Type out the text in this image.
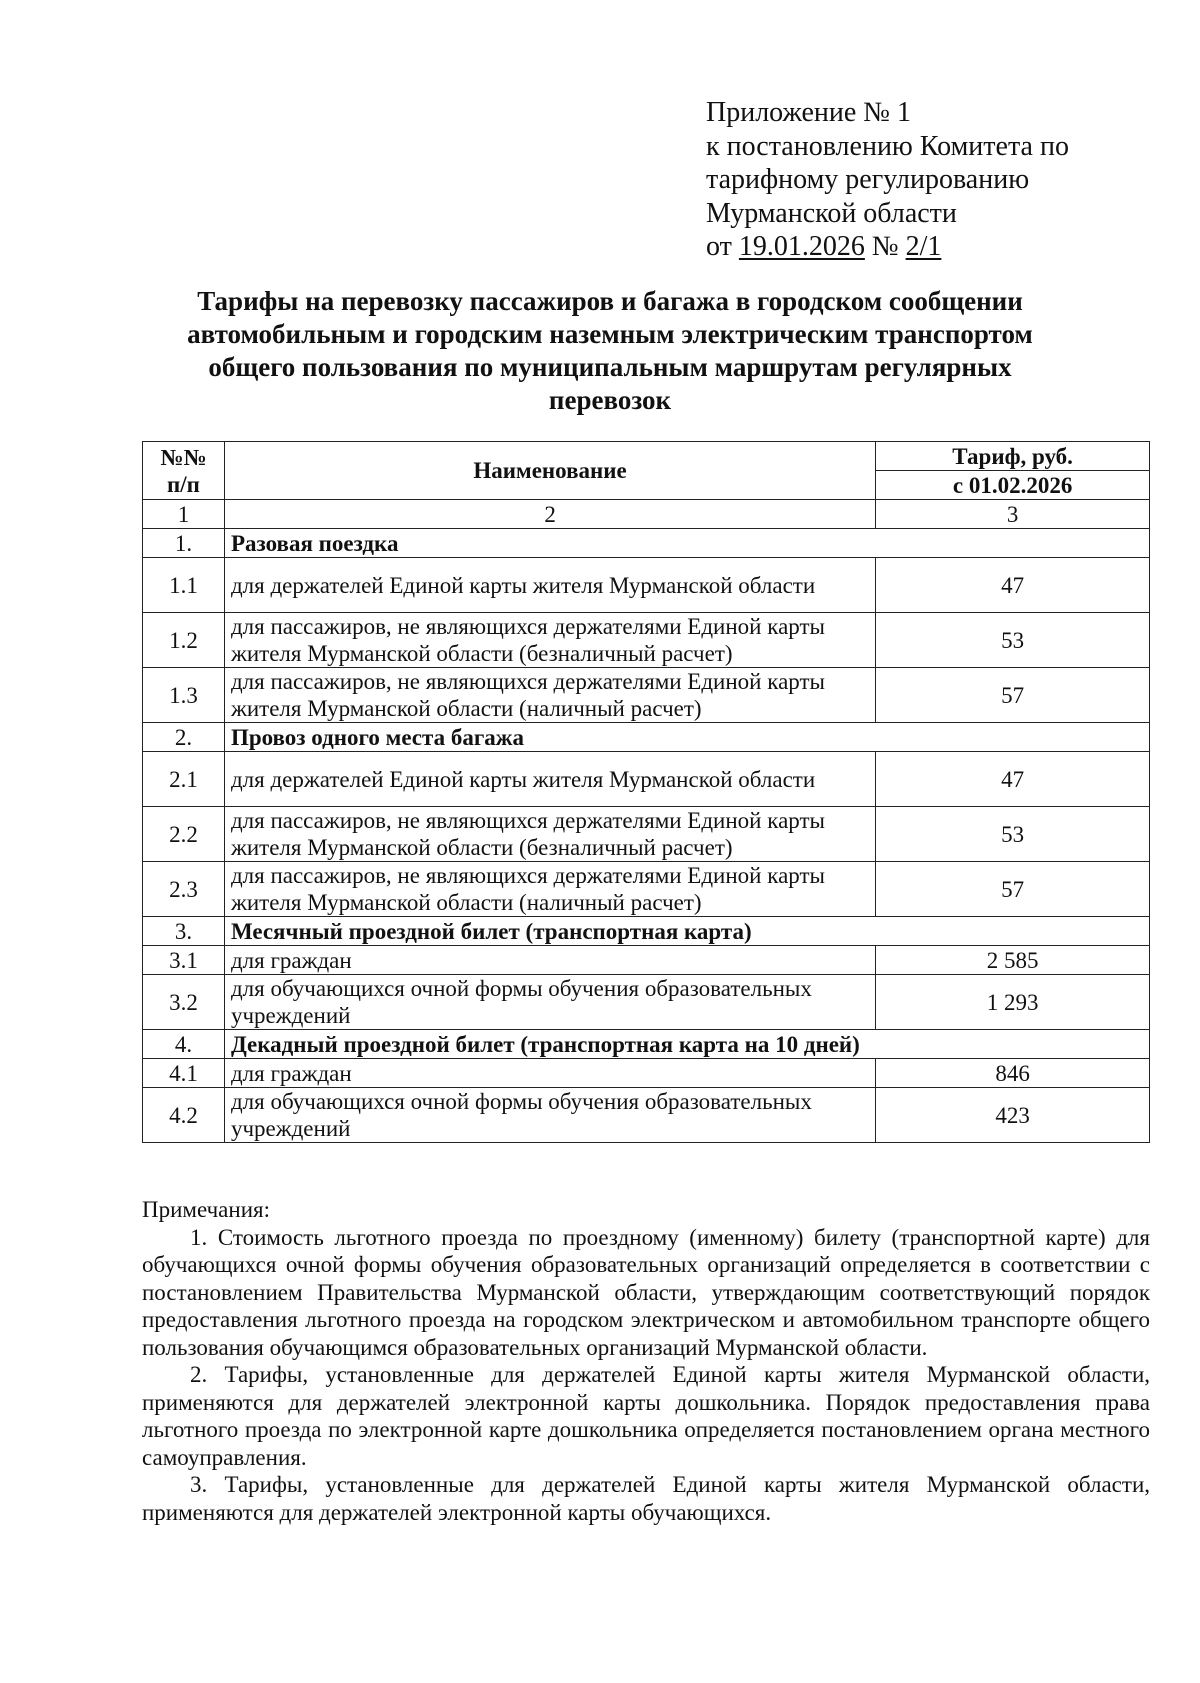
Приложение № 1
к постановлению Комитета по
тарифному регулированию
Мурманской области
от 19.01.2026 № 2/1
Тарифы на перевозку пассажиров и багажа в городском сообщении автомобильным и городским наземным электрическим транспортом общего пользования по муниципальным маршрутам регулярных перевозок
№№ п/п	Наименование	Тариф, руб.
		с 01.02.2026
1	2	3
1.	Разовая поездка	
1.1	для держателей Единой карты жителя Мурманской области	47
1.2	для пассажиров, не являющихся держателями Единой карты жителя Мурманской области (безналичный расчет)	53
1.3	для пассажиров, не являющихся держателями Единой карты жителя Мурманской области (наличный расчет)	57
2.	Провоз одного места багажа	
2.1	для держателей Единой карты жителя Мурманской области	47
2.2	для пассажиров, не являющихся держателями Единой карты жителя Мурманской области (безналичный расчет)	53
2.3	для пассажиров, не являющихся держателями Единой карты жителя Мурманской области (наличный расчет)	57
3.	Месячный проездной билет (транспортная карта)	
3.1	для граждан	2 585
3.2	для обучающихся очной формы обучения образовательных учреждений	1 293
4.	Декадный проездной билет (транспортная карта на 10 дней)	
4.1	для граждан	846
4.2	для обучающихся очной формы обучения образовательных учреждений	423

Примечания:

1. Стоимость льготного проезда по проездному (именному) билету (транспортной карте) для обучающихся очной формы обучения образовательных организаций определяется в соответствии с постановлением Правительства Мурманской области, утверждающим соответствующий порядок предоставления льготного проезда на городском электрическом и автомобильном транспорте общего пользования обучающимся образовательных организаций Мурманской области.

2. Тарифы, установленные для держателей Единой карты жителя Мурманской области, применяются для держателей электронной карты дошкольника. Порядок предоставления права льготного проезда по электронной карте дошкольника определяется постановлением органа местного самоуправления.

3. Тарифы, установленные для держателей Единой карты жителя Мурманской области, применяются для держателей электронной карты обучающихся.
